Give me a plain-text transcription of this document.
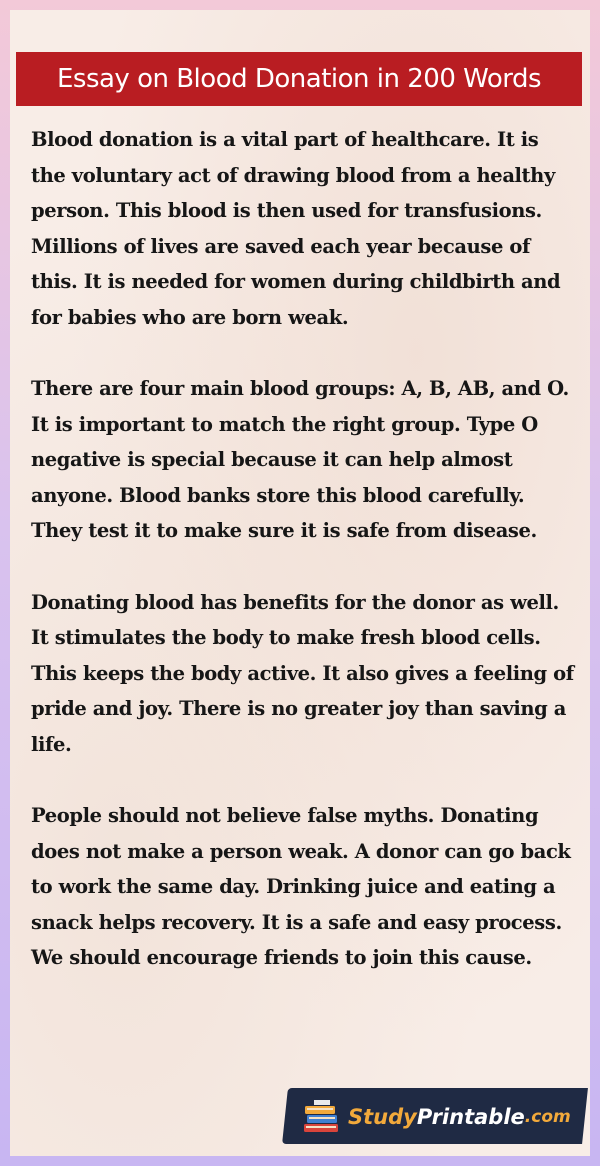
Essay on Blood Donation in 200 Words

Blood donation is a vital part of healthcare. It is the voluntary act of drawing blood from a healthy person. This blood is then used for transfusions. Millions of lives are saved each year because of this. It is needed for women during childbirth and for babies who are born weak.

There are four main blood groups: A, B, AB, and O. It is important to match the right group. Type O negative is special because it can help almost anyone. Blood banks store this blood carefully. They test it to make sure it is safe from disease.

Donating blood has benefits for the donor as well. It stimulates the body to make fresh blood cells. This keeps the body active. It also gives a feeling of pride and joy. There is no greater joy than saving a life.

People should not believe false myths. Donating does not make a person weak. A donor can go back to work the same day. Drinking juice and eating a snack helps recovery. It is a safe and easy process. We should encourage friends to join this cause.

Study Printable .com
